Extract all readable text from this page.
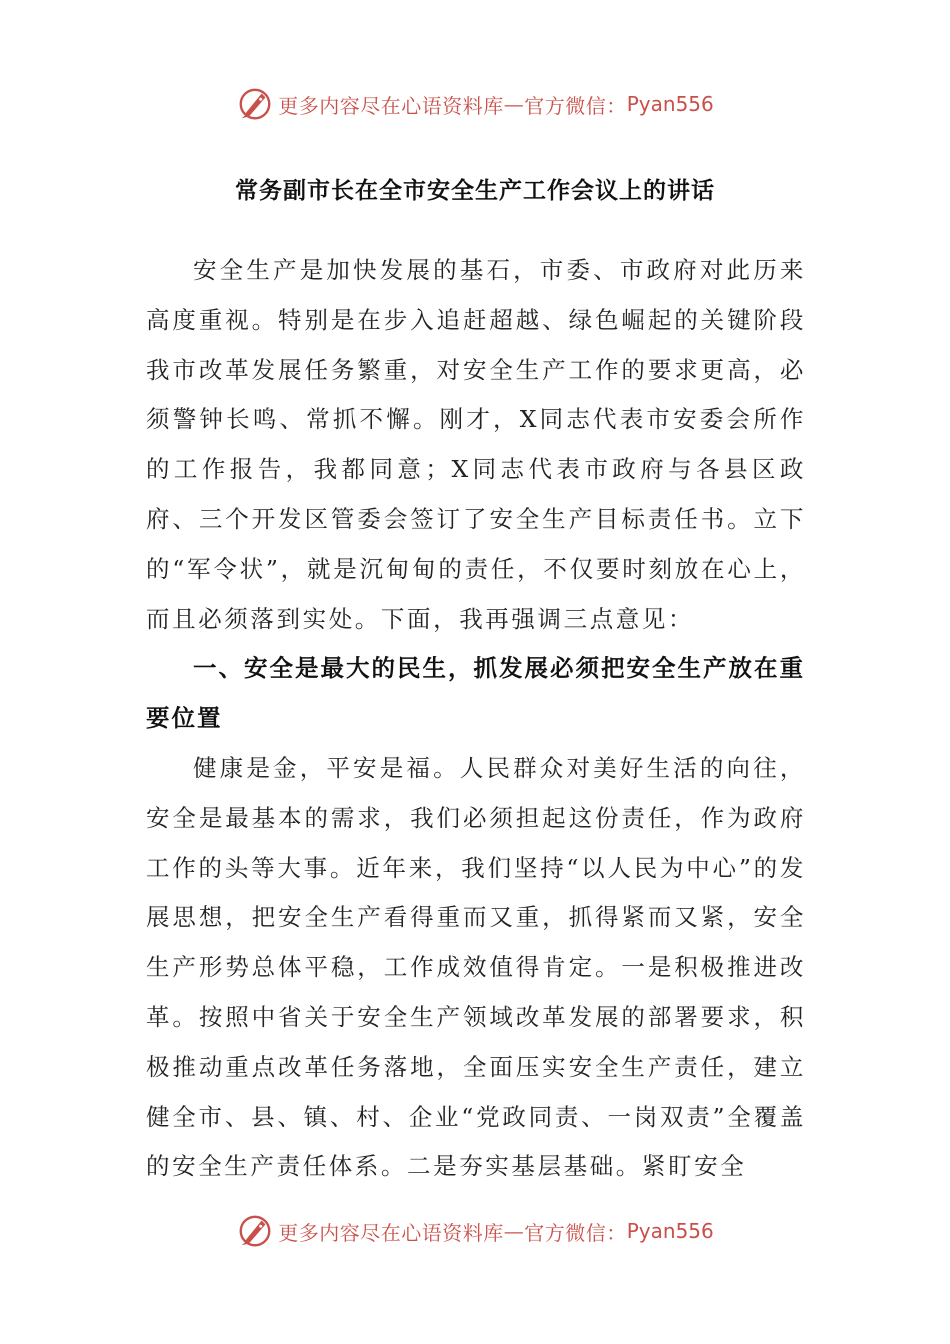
更多内容尽在心语资料库 — 官方微信： Pyan556
常务副市长在全市安全生产工作会议上的讲话

安全生产是加快发展的基石，市委、市政府对此历来高度重视。特别是在步入追赶超越、绿色崛起的关键阶段我市改革发展任务繁重，对安全生产工作的要求更高，必须警钟长鸣、常抓不懈。刚才，X同志代表市安委会所作的工作报告，我都同意；X同志代表市政府与各县区政府、三个开发区管委会签订了安全生产目标责任书。立下的“军令状”，就是沉甸甸的责任，不仅要时刻放在心上，而且必须落到实处。下面，我再强调三点意见：

一、安全是最大的民生，抓发展必须把安全生产放在重要位置

健康是金，平安是福。人民群众对美好生活的向往，安全是最基本的需求，我们必须担起这份责任，作为政府工作的头等大事。近年来，我们坚持“以人民为中心”的发展思想，把安全生产看得重而又重，抓得紧而又紧，安全生产形势总体平稳，工作成效值得肯定。一是积极推进改革。按照中省关于安全生产领域改革发展的部署要求，积极推动重点改革任务落地，全面压实安全生产责任，建立健全市、县、镇、村、企业“党政同责、一岗双责”全覆盖的安全生产责任体系。二是夯实基层基础。紧盯安全

更多内容尽在心语资料库 — 官方微信： Pyan556
